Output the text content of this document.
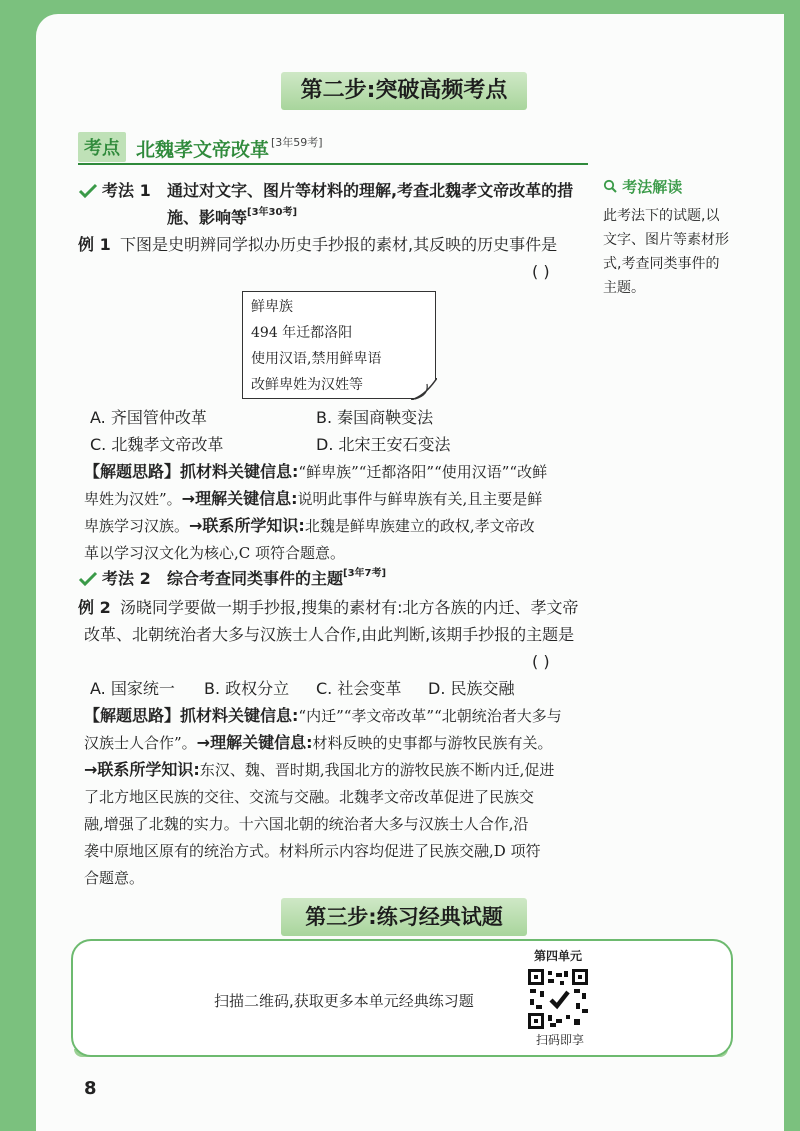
第二步:突破高频考点
考点 北魏孝文帝改革 [3年59考]
考法解读
此考法下的试题,以
文字、图片等素材形
式,考查同类事件的
主题。
考法 1 通过对文字、图片等材料的理解,考查北魏孝文帝改革的措
施、影响等[3年30考]
例 1 下图是史明辨同学拟办历史手抄报的素材,其反映的历史事件是
( )
鲜卑族
494 年迁都洛阳
使用汉语,禁用鲜卑语
改鲜卑姓为汉姓等
A. 齐国管仲改革	B. 秦国商鞅变法
C. 北魏孝文帝改革	D. 北宋王安石变法
【解题思路】抓材料关键信息:“鲜卑族”“迁都洛阳”“使用汉语”“改鲜
卑姓为汉姓”。→理解关键信息:说明此事件与鲜卑族有关,且主要是鲜
卑族学习汉族。→联系所学知识:北魏是鲜卑族建立的政权,孝文帝改
革以学习汉文化为核心,C 项符合题意。
考法 2 综合考查同类事件的主题[3年7考]
例 2 汤晓同学要做一期手抄报,搜集的素材有:北方各族的内迁、孝文帝
改革、北朝统治者大多与汉族士人合作,由此判断,该期手抄报的主题是
( )
A. 国家统一 B. 政权分立 C. 社会变革 D. 民族交融
【解题思路】抓材料关键信息:“内迁”“孝文帝改革”“北朝统治者大多与
汉族士人合作”。→理解关键信息:材料反映的史事都与游牧民族有关。
→联系所学知识:东汉、魏、晋时期,我国北方的游牧民族不断内迁,促进
了北方地区民族的交往、交流与交融。北魏孝文帝改革促进了民族交
融,增强了北魏的实力。十六国北朝的统治者大多与汉族士人合作,沿
袭中原地区原有的统治方式。材料所示内容均促进了民族交融,D 项符
合题意。
第三步:练习经典试题
扫描二维码,获取更多本单元经典练习题
第四单元
扫码即享
8
